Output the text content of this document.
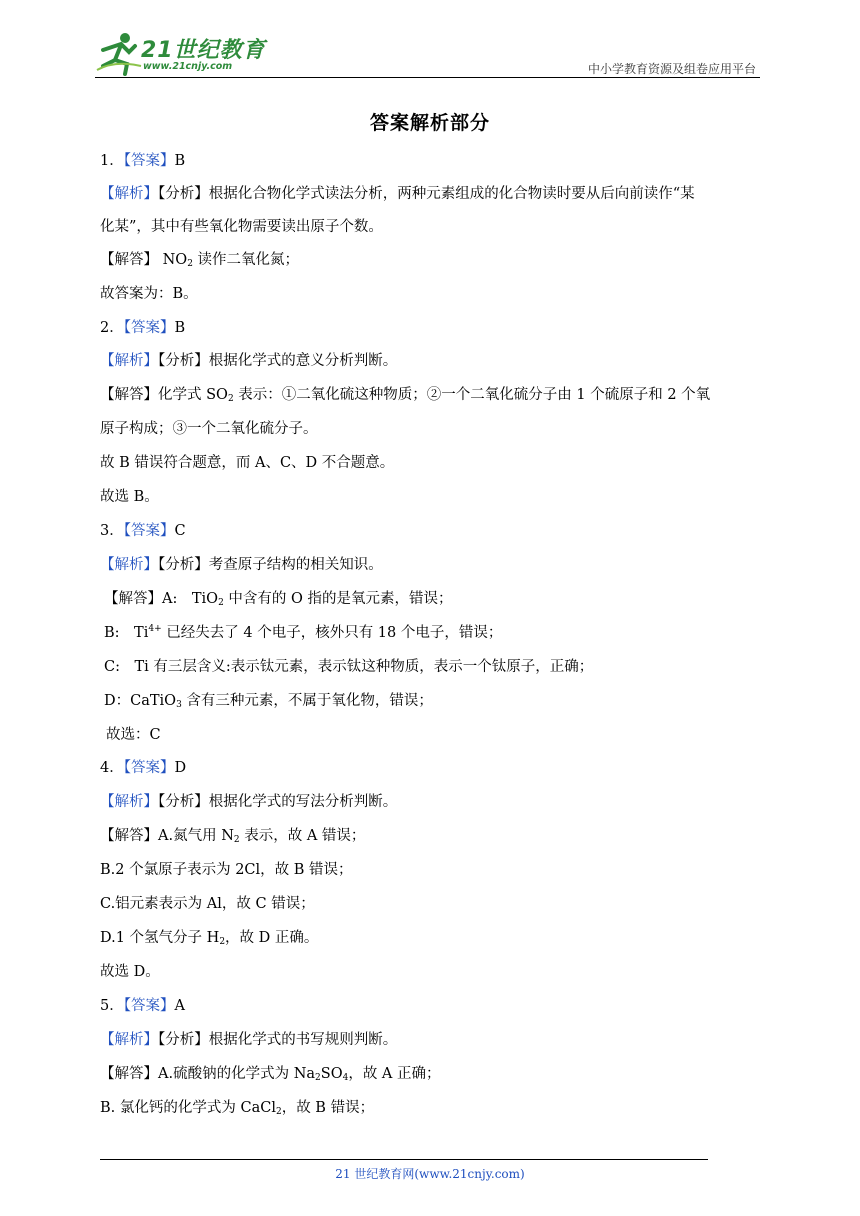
21世纪教育
www.21cnjy.com	中小学教育资源及组卷应用平台
答案解析部分
1．【答案】B
【解析】【分析】根据化合物化学式读法分析，两种元素组成的化合物读时要从后向前读作“某
化某”，其中有些氧化物需要读出原子个数。
【解答】 $NO_2$ 读作二氧化氮；
故答案为：B。
2．【答案】B
【解析】【分析】根据化学式的意义分析判断。
【解答】化学式 $SO_2$ 表示：①二氧化硫这种物质；②一个二氧化硫分子由 1 个硫原子和 2 个氧
原子构成；③一个二氧化硫分子。
故 B 错误符合题意，而 A、C、D 不合题意。
故选 B。
3．【答案】C
【解析】【分析】考查原子结构的相关知识。
【解答】A:　TiO$_2$ 中含有的 O 指的是氧元素，错误；
B:　$Ti^{4+}$ 已经失去了 4 个电子，核外只有 18 个电子，错误；
C:　Ti 有三层含义:表示钛元素，表示钛这种物质，表示一个钛原子，正确；
D：CaTiO$_3$ 含有三种元素，不属于氧化物，错误；
故选：C
4．【答案】D
【解析】【分析】根据化学式的写法分析判断。
【解答】A.氮气用 $N_2$ 表示，故 A 错误；
B.2 个氯原子表示为 2Cl，故 B 错误；
C.铝元素表示为 Al，故 C 错误；
D.1 个氢气分子 $H_2$，故 D 正确。
故选 D。
5．【答案】A
【解析】【分析】根据化学式的书写规则判断。
【解答】A.硫酸钠的化学式为 $Na_2SO_4$，故 A 正确；
B. 氯化钙的化学式为 CaCl$_2$，故 B 错误；
21 世纪教育网(www.21cnjy.com)
